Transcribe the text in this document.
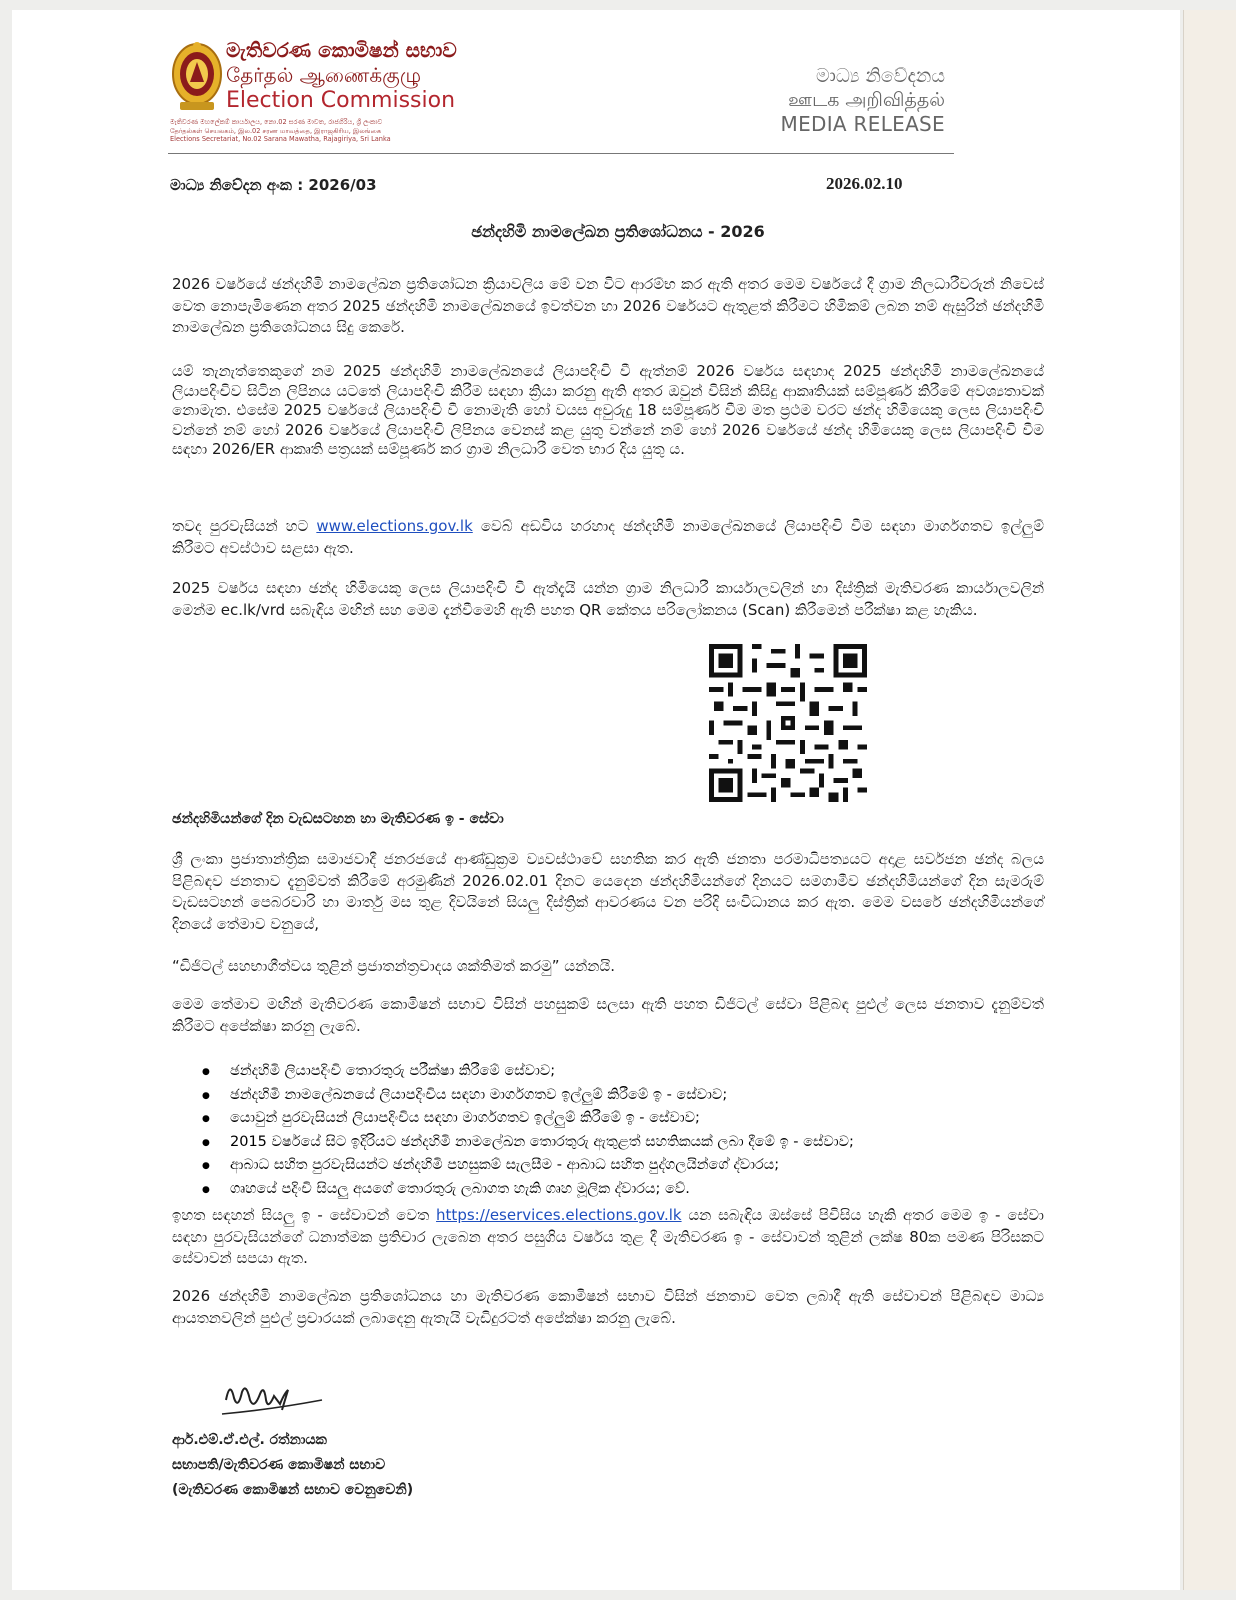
මැතිවරණ කොමිෂන් සභාව
தேர்தல் ஆணைக்குழு
Election Commission
මැතිවරණ මහලේකම් කාර්යාලය, නො.02 සරණ මාවත, රාජගිරිය, ශ්‍රී ලංකාව
தேர்தல்கள் செயலகம், இல.02 சரண மாவத்தை, இராஜகிரிய, இலங்கை
Elections Secretariat, No.02 Sarana Mawatha, Rajagiriya, Sri Lanka
මාධ්‍ය නිවේදනය
ஊடக அறிவித்தல்
MEDIA RELEASE
මාධ්‍ය නිවේදන අංක : 2026/03	2026.02.10
ඡන්දහිමි නාමලේඛන ප්‍රතිශෝධනය - 2026
2026 වර්ෂයේ ඡන්දහිමි නාමලේඛන ප්‍රතිශෝධන ක්‍රියාවලිය මේ වන විට ආරම්භ කර ඇති අතර මෙම වර්ෂයේ දී ග්‍රාම නිලධාරීවරුන් නිවෙස් වෙත නොපැමිණෙන අතර 2025 ඡන්දහිමි නාමලේඛනයේ ඉවත්වන හා 2026 වර්ෂයට ඇතුළත් කිරීමට හිමිකම් ලබන නම් ඇසුරින් ඡන්දහිමි නාමලේඛන ප්‍රතිශෝධනය සිදු කෙරේ.
යම් තැනැත්තෙකුගේ නම 2025 ඡන්දහිමි නාමලේඛනයේ ලියාපදිංචි වී ඇත්නම් 2026 වර්ෂය සඳහාද 2025 ඡන්දහිමි නාමලේඛනයේ ලියාපදිංචිව සිටින ලිපිනය යටතේ ලියාපදිංචි කිරීම සඳහා ක්‍රියා කරනු ඇති අතර ඔවුන් විසින් කිසිදු ආකෘතියක් සම්පූර්ණ කිරීමේ අවශ්‍යතාවක් නොමැත. එසේම 2025 වර්ෂයේ ලියාපදිංචි වී නොමැති හෝ වයස අවුරුදු 18 සම්පූර්ණ වීම මත ප්‍රථම වරට ඡන්ද හිමියෙකු ලෙස ලියාපදිංචි වන්නේ නම් හෝ 2026 වර්ෂයේ ලියාපදිංචි ලිපිනය වෙනස් කළ යුතු වන්නේ නම් හෝ 2026 වර්ෂයේ ඡන්ද හිමියෙකු ලෙස ලියාපදිංචි වීම සඳහා 2026/ER ආකෘති පත්‍රයක් සම්පූර්ණ කර ග්‍රාම නිලධාරී වෙත භාර දිය යුතු ය.
තවද පුරවැසියන් හට www.elections.gov.lk වෙබ් අඩවිය හරහාද ඡන්දහිමි නාමලේඛනයේ ලියාපදිංචි වීම සඳහා මාර්ගගතව ඉල්ලුම් කිරීමට අවස්ථාව සළසා ඇත.
2025 වර්ෂය සඳහා ඡන්ද හිමියෙකු ලෙස ලියාපදිංචි වී ඇත්දැයි යන්න ග්‍රාම නිලධාරී කාර්යාලවලින් හා දිස්ත්‍රික් මැතිවරණ කාර්යාලවලින් මෙන්ම ec.lk/vrd සබැඳිය මඟින් සහ මෙම දැන්වීමෙහි ඇති පහත QR කේතය පරිලෝකනය (Scan) කිරීමෙන් පරීක්ෂා කළ හැකිය.
ඡන්දහිමියන්ගේ දින වැඩසටහන හා මැතිවරණ ඉ - සේවා
ශ්‍රී ලංකා ප්‍රජාතාන්ත්‍රික සමාජවාදී ජනරජයේ ආණ්ඩුක්‍රම ව්‍යවස්ථාවේ සහතික කර ඇති ජනතා පරමාධිපත්‍යයට අදාළ සර්වජන ඡන්ද බලය පිළිබඳව ජනතාව දැනුම්වත් කිරීමේ අරමුණින් 2026.02.01 දිනට යෙදෙන ඡන්දහිමියන්ගේ දිනයට සමගාමීව ඡන්දහිමියන්ගේ දින සැමරුම් වැඩසටහන් පෙබරවාරි හා මාර්තු මස තුළ දිවයිනේ සියලු දිස්ත්‍රික් ආවරණය වන පරිදි සංවිධානය කර ඇත. මෙම වසරේ ඡන්දහිමියන්ගේ දිනයේ තේමාව වනුයේ,
“ඩිජිටල් සහභාගීත්වය තුළින් ප්‍රජාතන්ත්‍රවාදය ශක්තිමත් කරමු” යන්නයි.
මෙම තේමාව මඟින් මැතිවරණ කොමිෂන් සභාව විසින් පහසුකම් සලසා ඇති පහත ඩිජිටල් සේවා පිළිබඳ පුළුල් ලෙස ජනතාව දැනුම්වත් කිරීමට අපේක්ෂා කරනු ලැබේ.
● ඡන්දහිමි ලියාපදිංචි තොරතුරු පරීක්ෂා කිරීමේ සේවාව;
● ඡන්දහිමි නාමලේඛනයේ ලියාපදිංචිය සඳහා මාර්ගගතව ඉල්ලුම් කිරීමේ ඉ - සේවාව;
● යොවුන් පුරවැසියන් ලියාපදිංචිය සඳහා මාර්ගගතව ඉල්ලුම් කිරීමේ ඉ - සේවාව;
● 2015 වර්ෂයේ සිට ඉදිරියට ඡන්දහිමි නාමලේඛන තොරතුරු ඇතුළත් සහතිකයක් ලබා දීමේ ඉ - සේවාව;
● ආබාධ සහිත පුරවැසියන්ට ඡන්දහිමි පහසුකම් සැලසීම - ආබාධ සහිත පුද්ගලයින්ගේ ද්වාරය;
● ගෘහයේ පදිංචි සියලු අයගේ තොරතුරු ලබාගත හැකි ගෘහ මූලික ද්වාරය; වේ.
ඉහත සඳහන් සියලු ඉ - සේවාවන් වෙත https://eservices.elections.gov.lk යන සබැඳිය ඔස්සේ පිවිසිය හැකි අතර මෙම ඉ - සේවා සඳහා පුරවැසියන්ගේ ධනාත්මක ප්‍රතිචාර ලැබෙන අතර පසුගිය වර්ෂය තුළ දී මැතිවරණ ඉ - සේවාවන් තුළින් ලක්ෂ 80ක පමණ පිරිසකට සේවාවන් සපයා ඇත.
2026 ඡන්දහිමි නාමලේඛන ප්‍රතිශෝධනය හා මැතිවරණ කොමිෂන් සභාව විසින් ජනතාව වෙත ලබාදී ඇති සේවාවන් පිළිබඳව මාධ්‍ය ආයතනවලින් පුළුල් ප්‍රචාරයක් ලබාදෙනු ඇතැයි වැඩිදුරටත් අපේක්ෂා කරනු ලැබේ.
ආර්.එම්.ඒ.එල්. රත්නායක
සභාපති/මැතිවරණ කොමිෂන් සභාව
(මැතිවරණ කොමිෂන් සභාව වෙනුවෙනි)
